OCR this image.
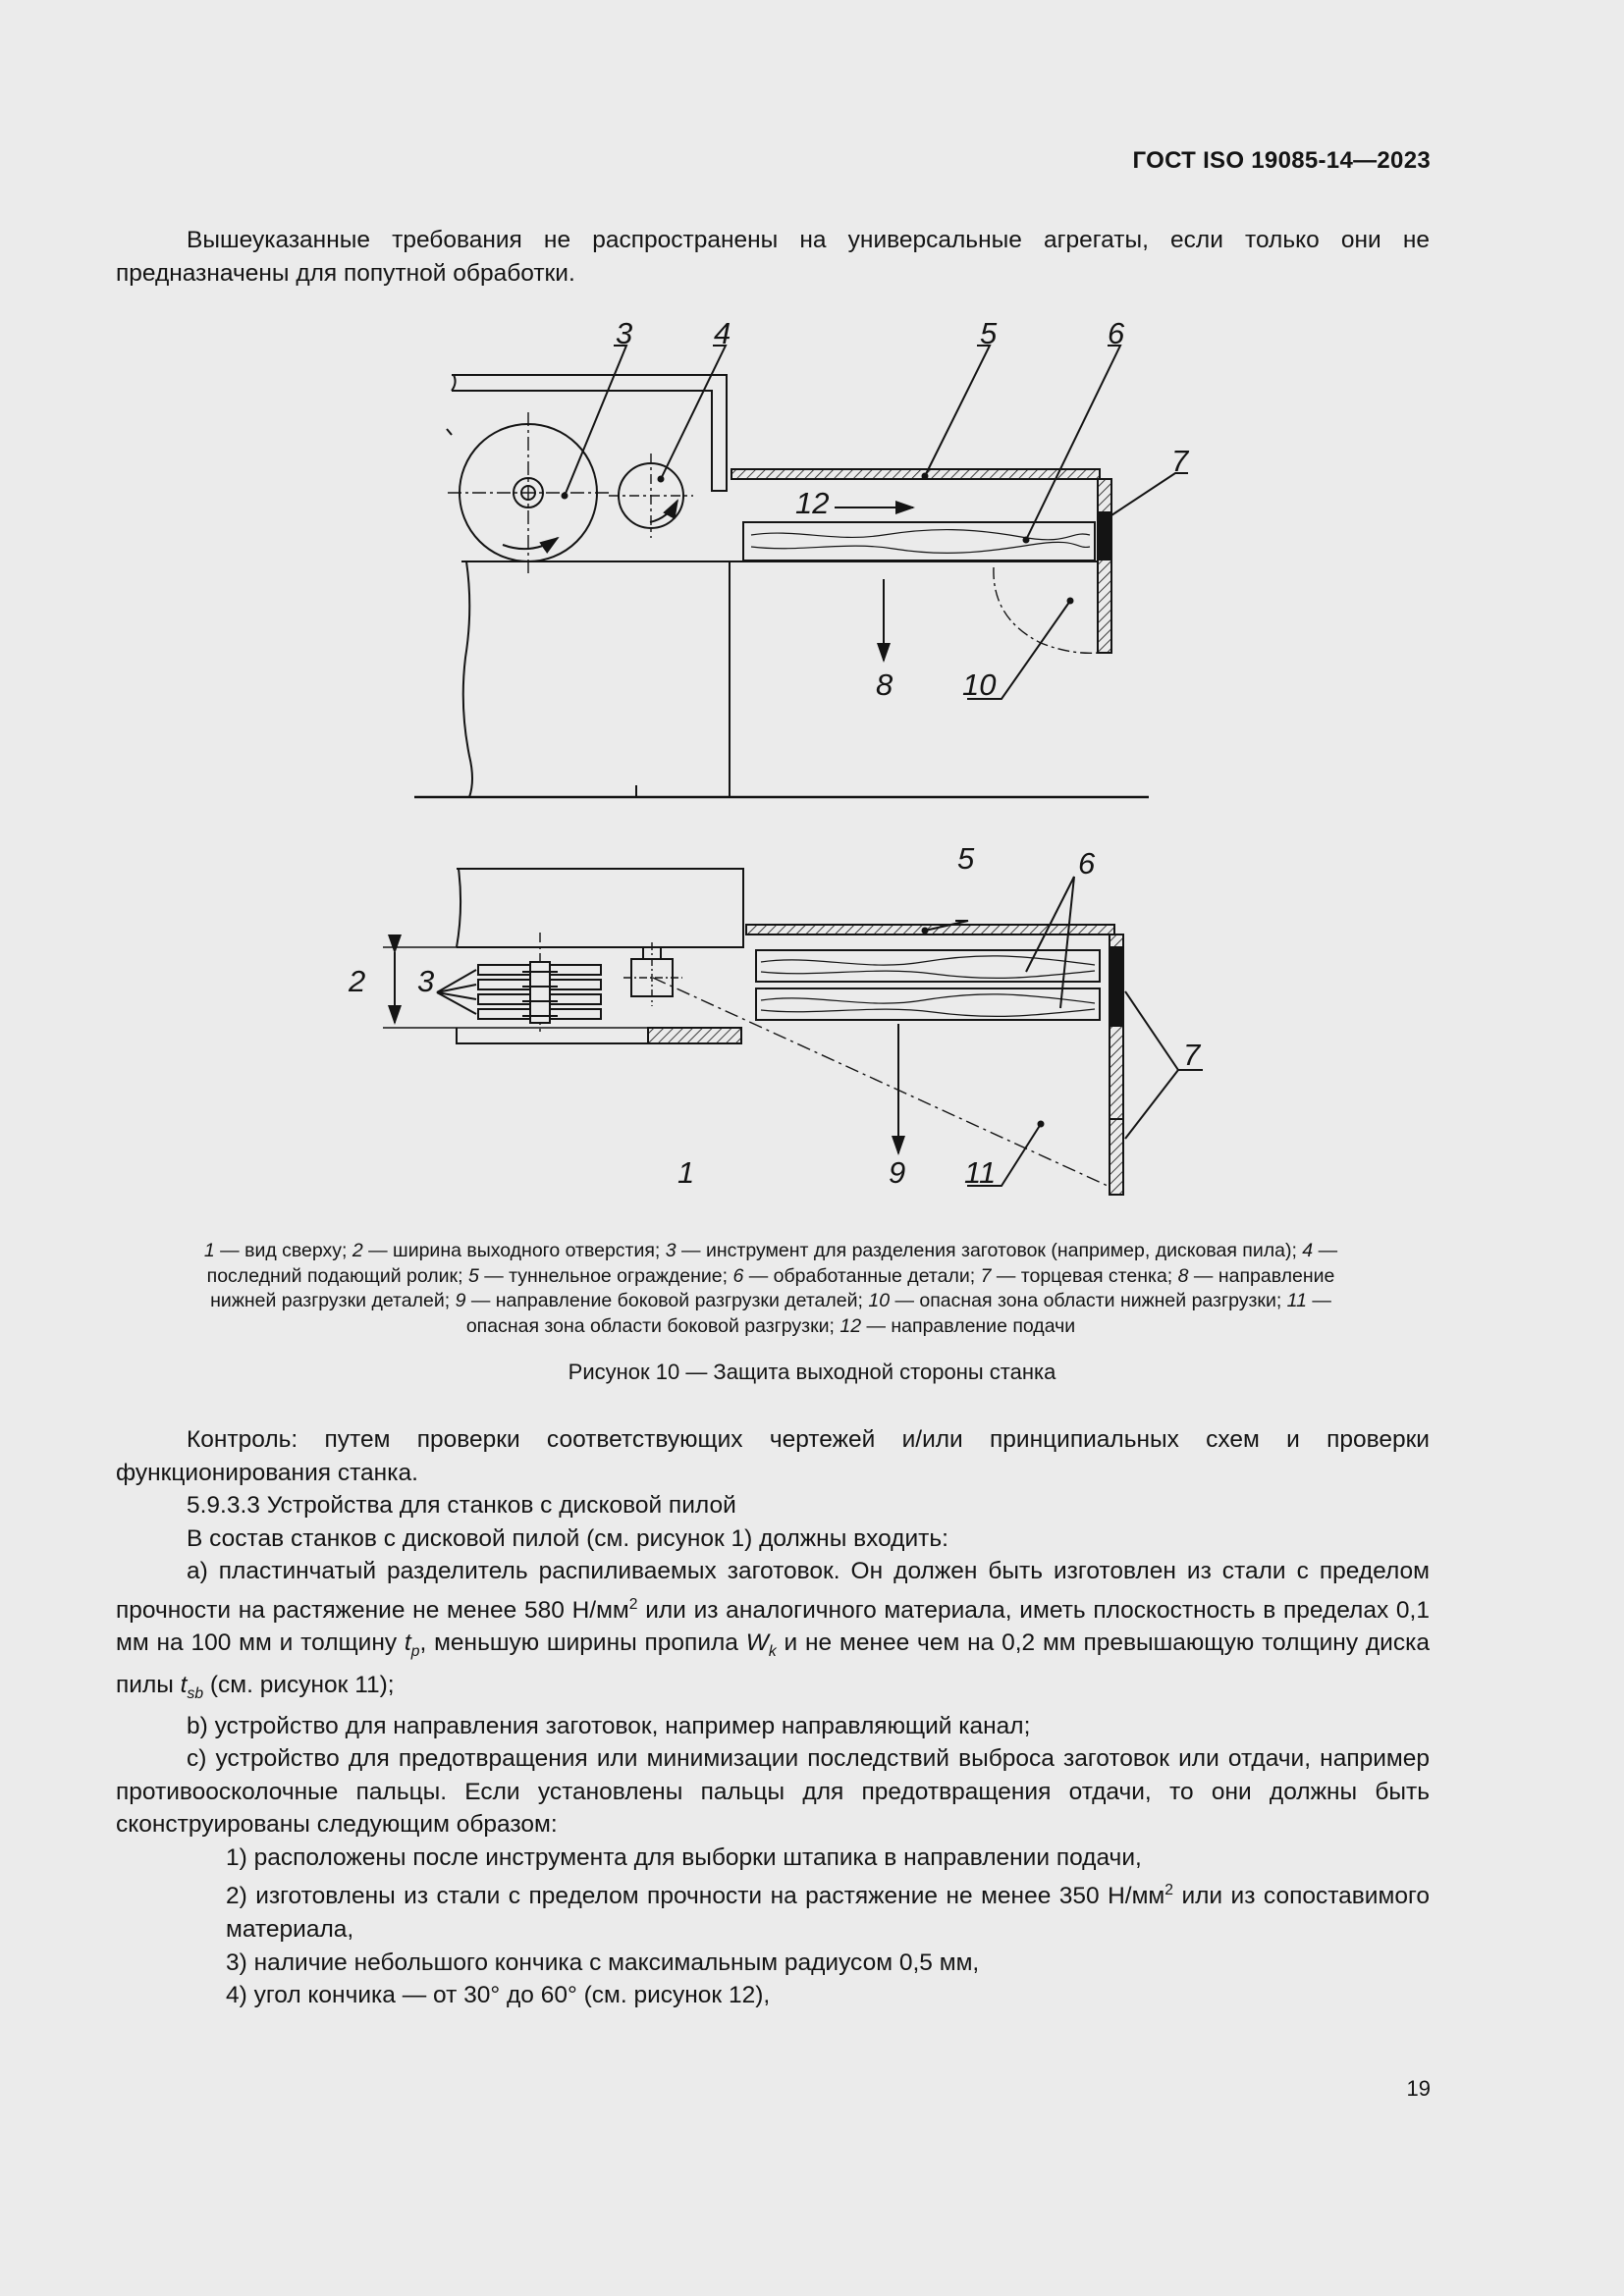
ГОСТ ISO 19085-14—2023

Вышеуказанные требования не распространены на универсальные агрегаты, если только они не предназначены для попутной обработки.

3	4	5	6
7
12
8 10
5	6
2 3
7
1	9 11
1 — вид сверху; 2 — ширина выходного отверстия; 3 — инструмент для разделения заготовок (например, дисковая пила); 4 — последний подающий ролик; 5 — туннельное ограждение; 6 — обработанные детали; 7 — торцевая стенка; 8 — направление нижней разгрузки деталей; 9 — направление боковой разгрузки деталей; 10 — опасная зона области нижней разгрузки; 11 — опасная зона области боковой разгрузки; 12 — направление подачи
Рисунок 10 — Защита выходной стороны станка

Контроль: путем проверки соответствующих чертежей и/или принципиальных схем и проверки функционирования станка.

5.9.3.3 Устройства для станков с дисковой пилой

В состав станков с дисковой пилой (см. рисунок 1) должны входить:

a) пластинчатый разделитель распиливаемых заготовок. Он должен быть изготовлен из стали с пределом прочности на растяжение не менее 580 $Н/мм^2$ или из аналогичного материала, иметь плоскостность в пределах 0,1 мм на 100 мм и толщину $t_p$, меньшую ширины пропила $W_k$ и не менее чем на 0,2 мм превышающую толщину диска пилы $t_{sb}$ (см. рисунок 11);

b) устройство для направления заготовок, например направляющий канал;

c) устройство для предотвращения или минимизации последствий выброса заготовок или отдачи, например противоосколочные пальцы. Если установлены пальцы для предотвращения отдачи, то они должны быть сконструированы следующим образом:

1) расположены после инструмента для выборки штапика в направлении подачи,

2) изготовлены из стали с пределом прочности на растяжение не менее 350 $Н/мм^2$ или из сопоставимого материала,

3) наличие небольшого кончика с максимальным радиусом 0,5 мм,

4) угол кончика — от 30° до 60° (см. рисунок 12),

19
